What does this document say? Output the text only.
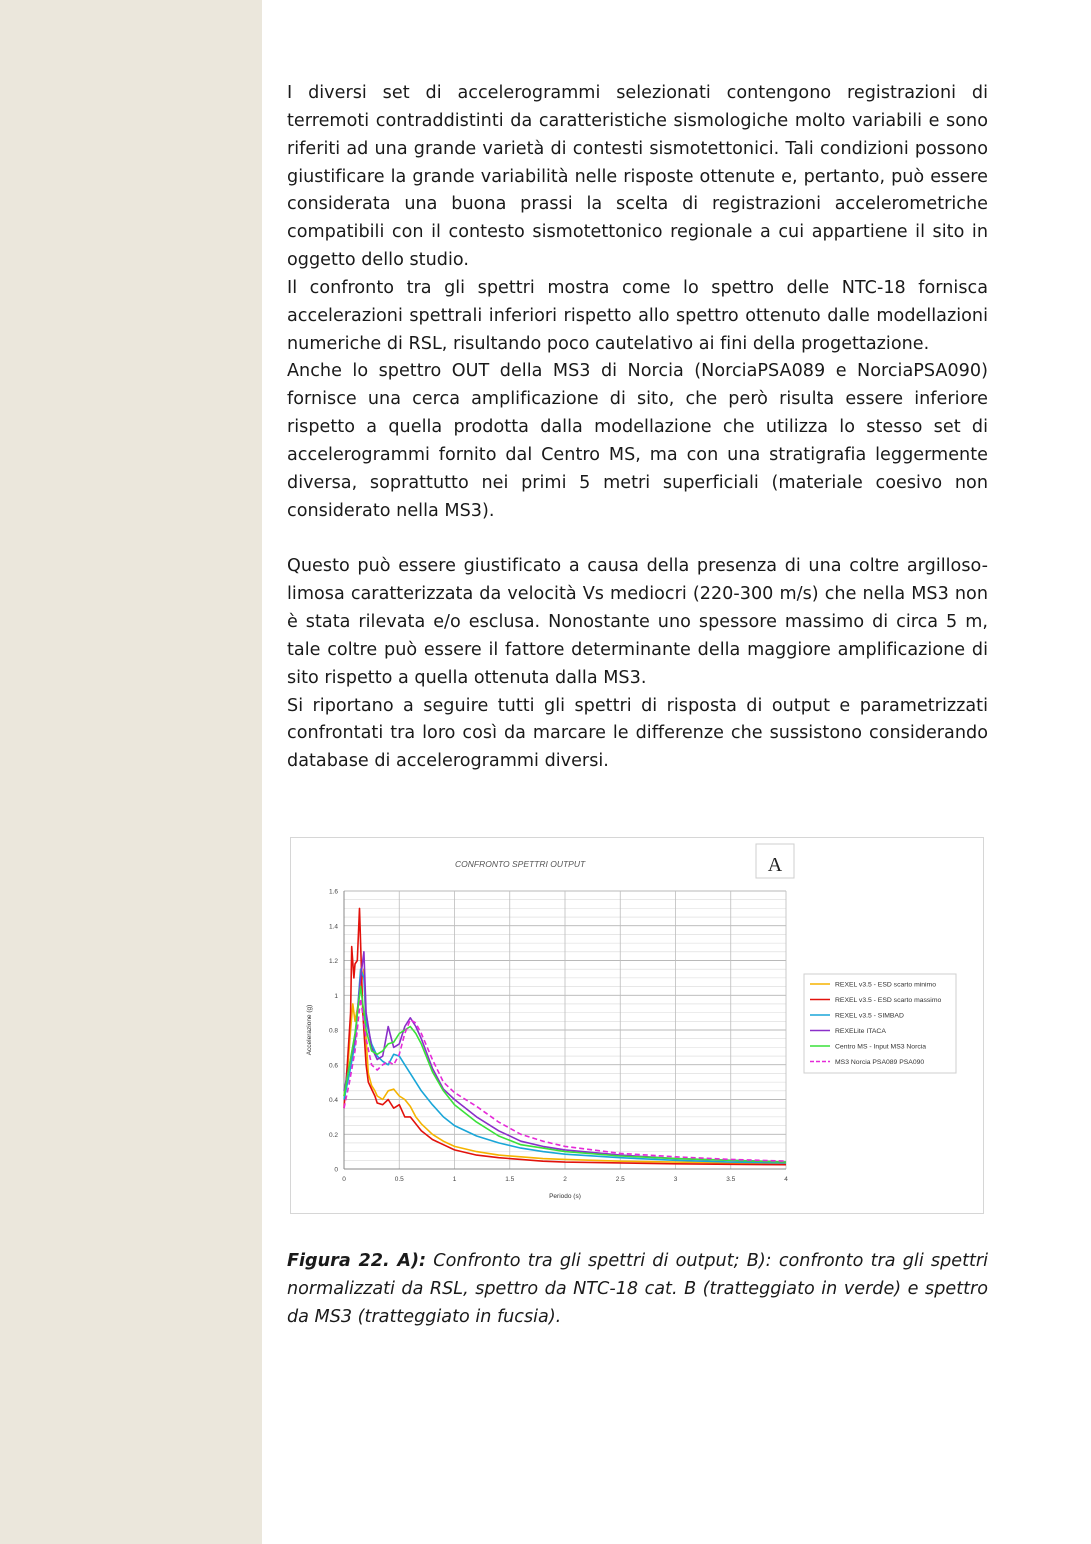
I diversi set di accelerogrammi selezionati contengono registrazioni di terremoti contraddistinti da caratteristiche sismologiche molto variabili e sono riferiti ad una grande varietà di contesti sismotettonici. Tali condizioni possono giustificare la grande variabilità nelle risposte ottenute e, pertanto, può essere considerata una buona prassi la scelta di registrazioni accelerometriche compatibili con il contesto sismotettonico regionale a cui appartiene il sito in oggetto dello studio.

Il confronto tra gli spettri mostra come lo spettro delle NTC-18 fornisca accelerazioni spettrali inferiori rispetto allo spettro ottenuto dalle modellazioni numeriche di RSL, risultando poco cautelativo ai fini della progettazione.

Anche lo spettro OUT della MS3 di Norcia (NorciaPSA089 e NorciaPSA090) fornisce una cerca amplificazione di sito, che però risulta essere inferiore rispetto a quella prodotta dalla modellazione che utilizza lo stesso set di accelerogrammi fornito dal Centro MS, ma con una stratigrafia leggermente diversa, soprattutto nei primi 5 metri superficiali (materiale coesivo non considerato nella MS3).

Questo può essere giustificato a causa della presenza di una coltre argilloso-limosa caratterizzata da velocità Vs mediocri (220-300 m/s) che nella MS3 non è stata rilevata e/o esclusa. Nonostante uno spessore massimo di circa 5 m, tale coltre può essere il fattore determinante della maggiore amplificazione di sito rispetto a quella ottenuta dalla MS3.

Si riportano a seguire tutti gli spettri di risposta di output e parametrizzati confrontati tra loro così da marcare le differenze che sussistono considerando database di accelerogrammi diversi.

CONFRONTO SPETTRI OUTPUT	A
0
0.2
0.4
0.6
0.8
1
1.2
1.4
1.6
0	0.5	1	1.5	2	2.5	3	3.5	4
Periodo (s)
Accelerazione (g)
REXEL v3.5 - ESD scarto minimo
REXEL v3.5 - ESD scarto massimo
REXEL v3.5 - SIMBAD
REXELite ITACA
Centro MS - Input MS3 Norcia
MS3 Norcia PSA089 PSA090

Figura 22. A): Confronto tra gli spettri di output; B): confronto tra gli spettri normalizzati da RSL, spettro da NTC-18 cat. B (tratteggiato in verde) e spettro da MS3 (tratteggiato in fucsia).
